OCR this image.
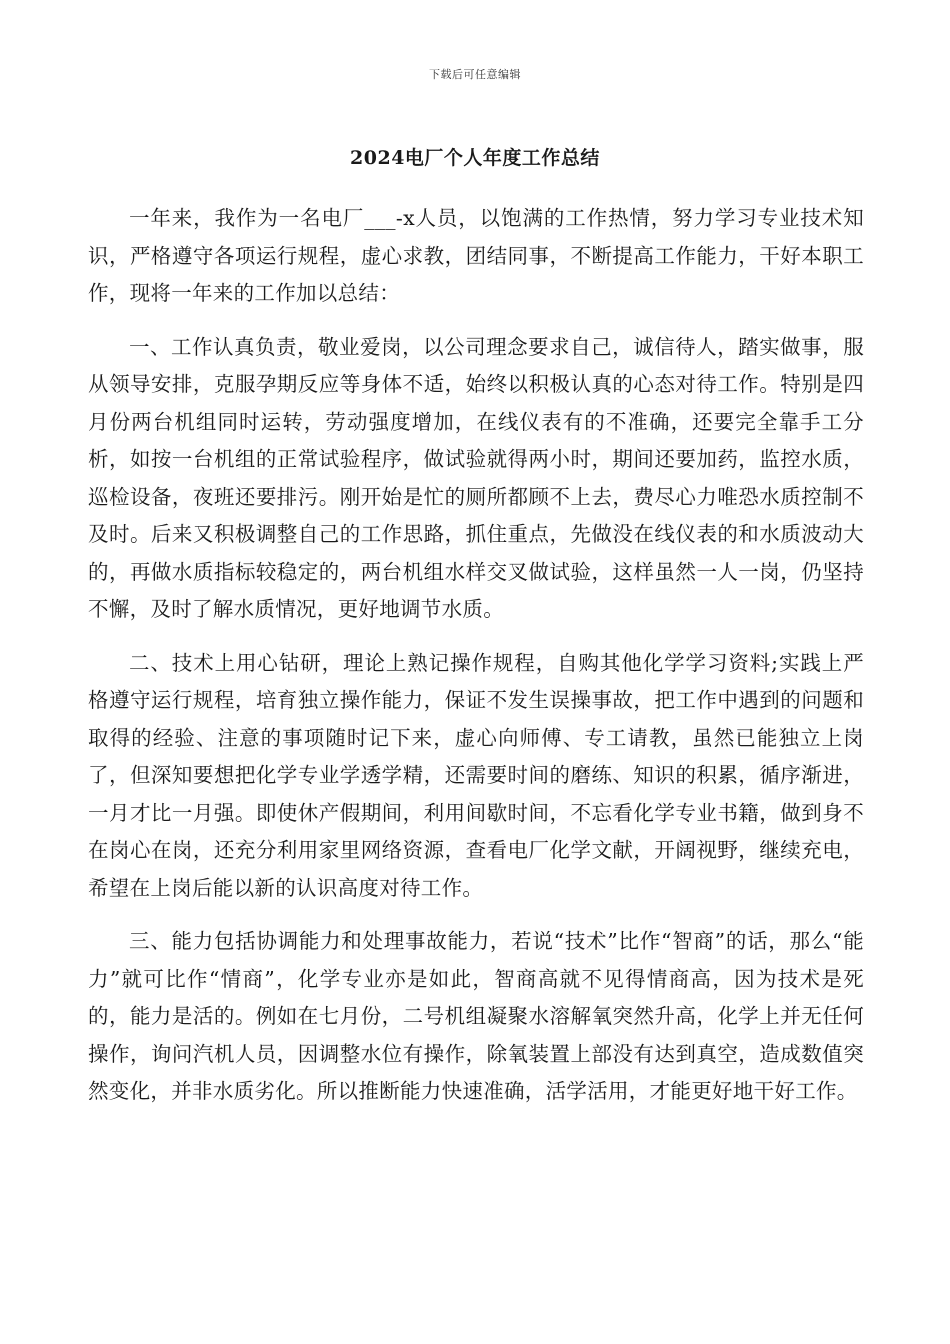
下载后可任意编辑
2024电厂个人年度工作总结

一年来，我作为一名电厂___-x人员，以饱满的工作热情，努力学习专业技术知识，严格遵守各项运行规程，虚心求教，团结同事，不断提高工作能力，干好本职工作，现将一年来的工作加以总结：

一、工作认真负责，敬业爱岗，以公司理念要求自己，诚信待人，踏实做事，服从领导安排，克服孕期反应等身体不适，始终以积极认真的心态对待工作。特别是四月份两台机组同时运转，劳动强度增加，在线仪表有的不准确，还要完全靠手工分析，如按一台机组的正常试验程序，做试验就得两小时，期间还要加药，监控水质，巡检设备，夜班还要排污。刚开始是忙的厕所都顾不上去，费尽心力唯恐水质控制不及时。后来又积极调整自己的工作思路，抓住重点，先做没在线仪表的和水质波动大的，再做水质指标较稳定的，两台机组水样交叉做试验，这样虽然一人一岗，仍坚持不懈，及时了解水质情况，更好地调节水质。

二、技术上用心钻研，理论上熟记操作规程，自购其他化学学习资料;实践上严格遵守运行规程，培育独立操作能力，保证不发生误操事故，把工作中遇到的问题和取得的经验、注意的事项随时记下来，虚心向师傅、专工请教，虽然已能独立上岗了，但深知要想把化学专业学透学精，还需要时间的磨练、知识的积累，循序渐进，一月才比一月强。即使休产假期间，利用间歇时间，不忘看化学专业书籍，做到身不在岗心在岗，还充分利用家里网络资源，查看电厂化学文献，开阔视野，继续充电，希望在上岗后能以新的认识高度对待工作。

三、能力包括协调能力和处理事故能力，若说“技术”比作“智商”的话，那么“能力”就可比作“情商”，化学专业亦是如此，智商高就不见得情商高，因为技术是死的，能力是活的。例如在七月份，二号机组凝聚水溶解氧突然升高，化学上并无任何操作，询问汽机人员，因调整水位有操作，除氧装置上部没有达到真空，造成数值突然变化，并非水质劣化。所以推断能力快速准确，活学活用，才能更好地干好工作。
